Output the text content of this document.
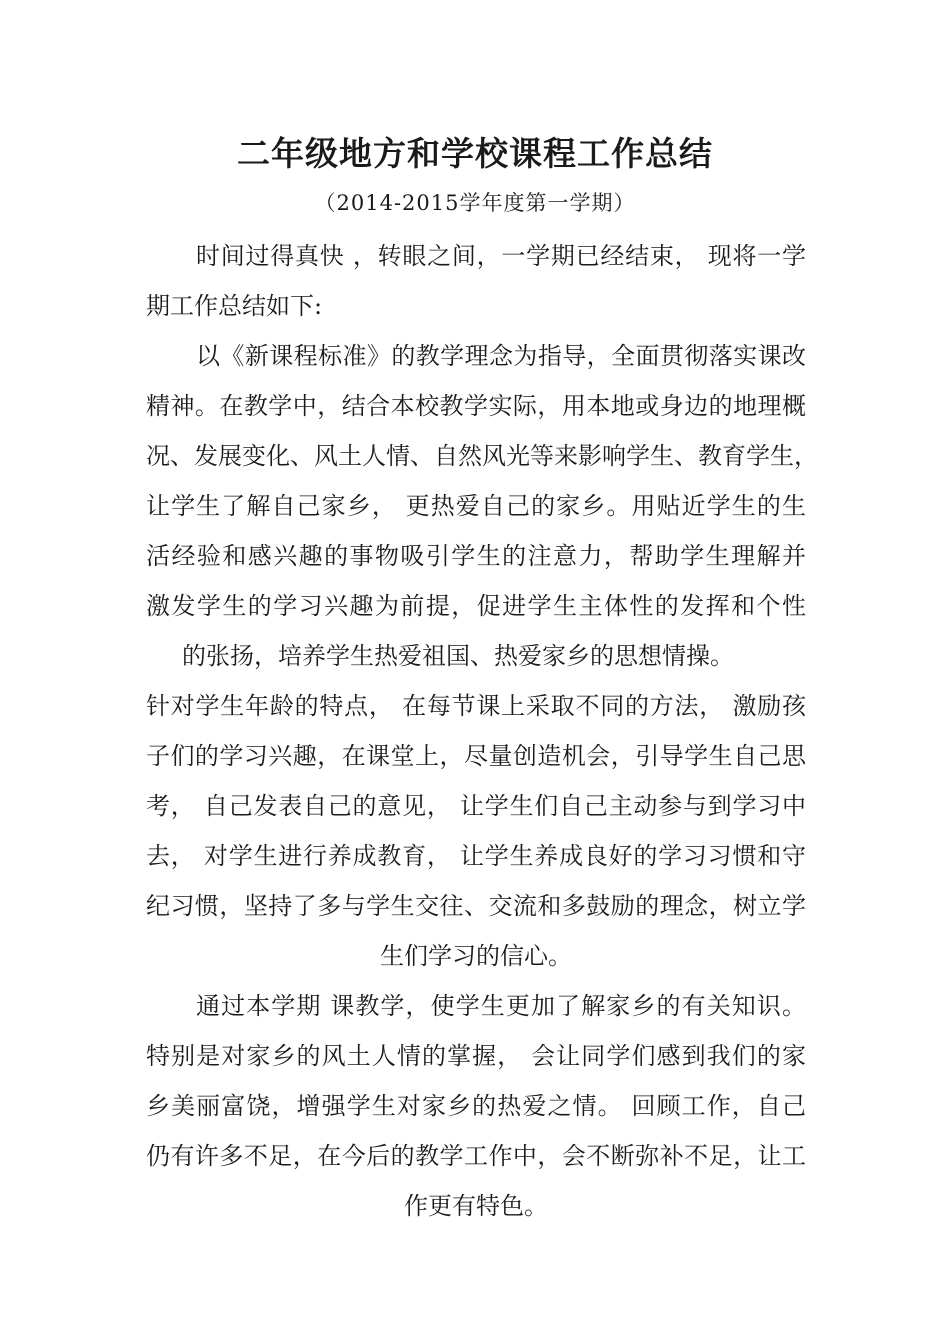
二年级地方和学校课程工作总结

（2014-2015学年度第一学期）

时间过得真快 ，转眼之间，一学期已经结束， 现将一学

期工作总结如下:

以《新课程标准》的教学理念为指导，全面贯彻落实课改

精神。在教学中，结合本校教学实际，用本地或身边的地理概

况、发展变化、风土人情、自然风光等来影响学生、教育学生，

让学生了解自己家乡， 更热爱自己的家乡。用贴近学生的生

活经验和感兴趣的事物吸引学生的注意力，帮助学生理解并

激发学生的学习兴趣为前提，促进学生主体性的发挥和个性

的张扬，培养学生热爱祖国、热爱家乡的思想情操。

针对学生年龄的特点， 在每节课上采取不同的方法， 激励孩

子们的学习兴趣，在课堂上，尽量创造机会，引导学生自己思

考， 自己发表自己的意见， 让学生们自己主动参与到学习中

去， 对学生进行养成教育， 让学生养成良好的学习习惯和守

纪习惯，坚持了多与学生交往、交流和多鼓励的理念，树立学

生们学习的信心。

通过本学期 课教学，使学生更加了解家乡的有关知识。

特别是对家乡的风土人情的掌握， 会让同学们感到我们的家

乡美丽富饶，增强学生对家乡的热爱之情。 回顾工作，自己

仍有许多不足，在今后的教学工作中，会不断弥补不足，让工

作更有特色。
